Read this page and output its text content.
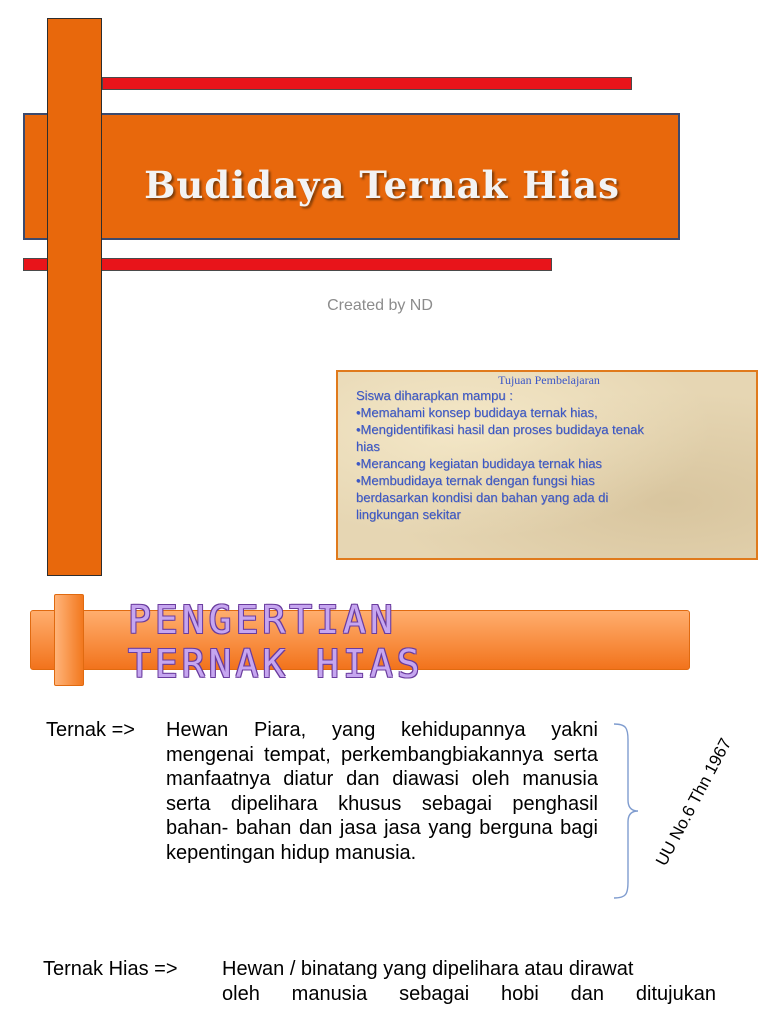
Budidaya Ternak Hias
Created by ND
Tujuan Pembelajaran
Siswa diharapkan mampu :
•Memahami konsep budidaya ternak hias,
•Mengidentifikasi hasil dan proses budidaya tenak
hias
•Merancang kegiatan budidaya ternak hias
•Membudidaya ternak dengan fungsi hias
berdasarkan kondisi dan bahan yang ada di
lingkungan sekitar
PENGERTIAN
TERNAK HIAS
Ternak => Hewan Piara, yang kehidupannya yakni mengenai tempat, perkembangbiakannya serta manfaatnya diatur dan diawasi oleh manusia serta dipelihara khusus sebagai penghasil bahan- bahan dan jasa jasa yang berguna bagi kepentingan hidup manusia.	UU No.6 Thn 1967
Ternak Hias => Hewan / binatang yang dipelihara atau dirawat
oleh manusia sebagai hobi dan ditujukan
